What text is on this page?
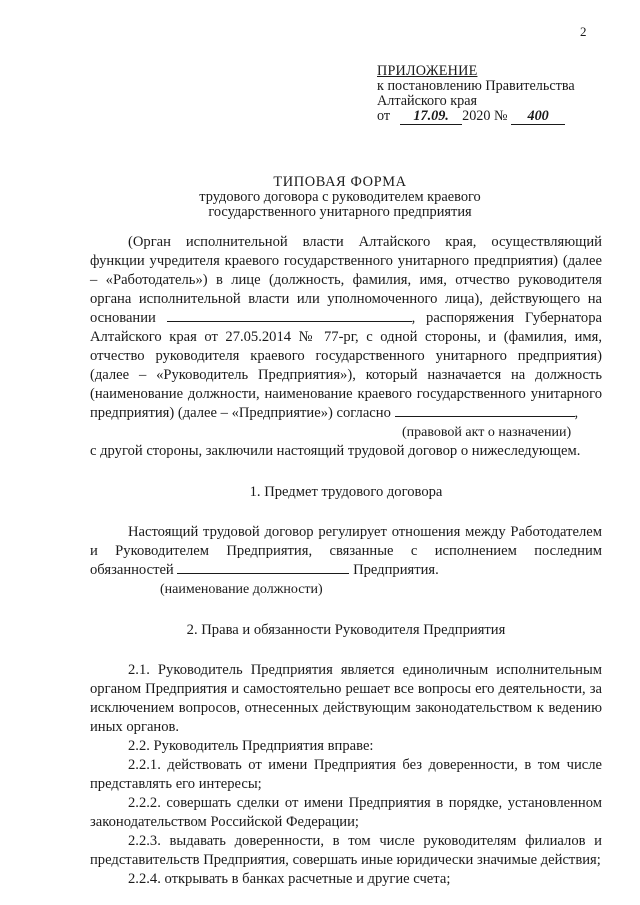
2
ПРИЛОЖЕНИЕ
к постановлению Правительства
Алтайского края
от 17.09. 2020 № 400
ТИПОВАЯ ФОРМА
трудового договора с руководителем краевого
государственного унитарного предприятия

(Орган исполнительной власти Алтайского края, осуществляющий функции учредителя краевого государственного унитарного предприятия) (далее – «Работодатель») в лице (должность, фамилия, имя, отчество руководителя органа исполнительной власти или уполномоченного лица), действующего на основании	, распоряжения Губернатора Алтайского края от 27.05.2014 № 77-рг, с одной стороны, и (фамилия, имя, отчество руководителя краевого государственного унитарного предприятия) (далее – «Руководитель Предприятия»), который назначается на должность (наименование должности, наименование краевого государственного унитарного предприятия) (далее – «Предприятие») согласно	,

(правовой акт о назначении)

с другой стороны, заключили настоящий трудовой договор о нижеследующем.

1. Предмет трудового договора

Настоящий трудовой договор регулирует отношения между Работодателем и Руководителем Предприятия, связанные с исполнением последним обязанностей	Предприятия.

(наименование должности)
2. Права и обязанности Руководителя Предприятия

2.1. Руководитель Предприятия является единоличным исполнительным органом Предприятия и самостоятельно решает все вопросы его деятельности, за исключением вопросов, отнесенных действующим законодательством к ведению иных органов.

2.2. Руководитель Предприятия вправе:

2.2.1. действовать от имени Предприятия без доверенности, в том числе представлять его интересы;

2.2.2. совершать сделки от имени Предприятия в порядке, установленном законодательством Российской Федерации;

2.2.3. выдавать доверенности, в том числе руководителям филиалов и представительств Предприятия, совершать иные юридически значимые действия;

2.2.4. открывать в банках расчетные и другие счета;
